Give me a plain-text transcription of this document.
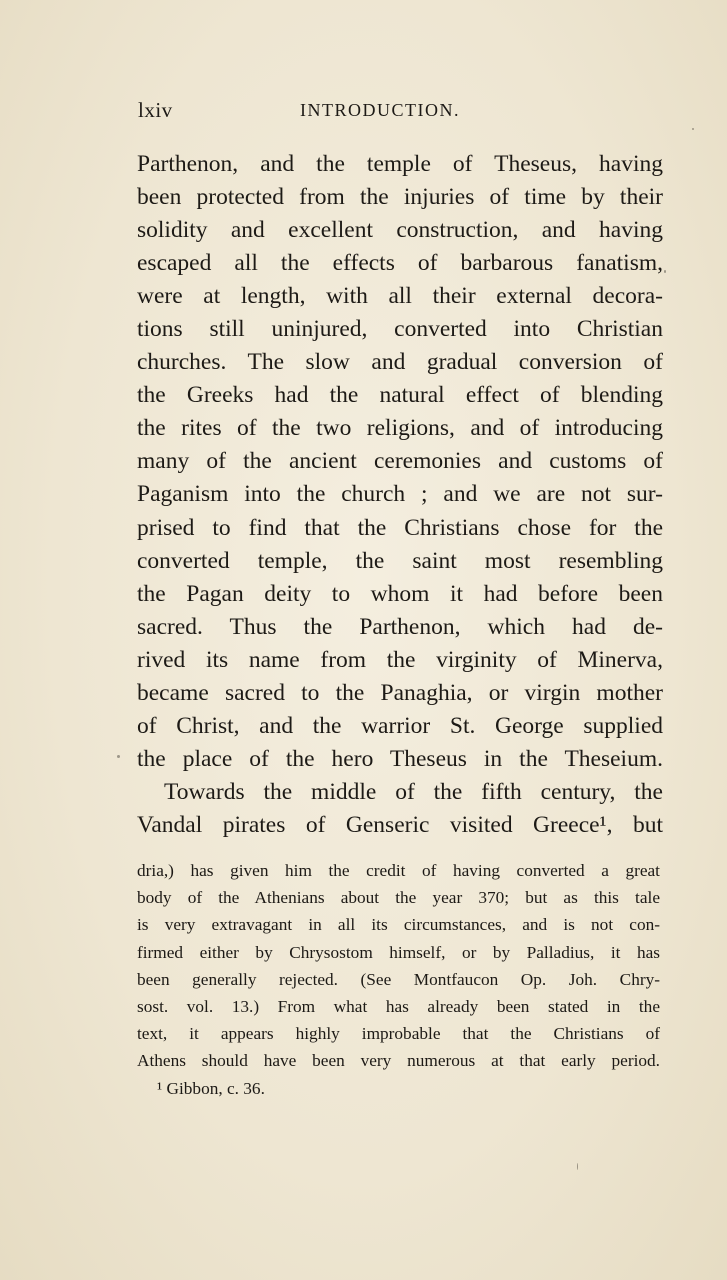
lxiv	INTRODUCTION.
Parthenon, and the temple of Theseus, having
been protected from the injuries of time by their
solidity and excellent construction, and having
escaped all the effects of barbarous fanatism,
were at length, with all their external decora-
tions still uninjured, converted into Christian
churches. The slow and gradual conversion of
the Greeks had the natural effect of blending
the rites of the two religions, and of introducing
many of the ancient ceremonies and customs of
Paganism into the church ; and we are not sur-
prised to find that the Christians chose for the
converted temple, the saint most resembling
the Pagan deity to whom it had before been
sacred. Thus the Parthenon, which had de-
rived its name from the virginity of Minerva,
became sacred to the Panaghia, or virgin mother
of Christ, and the warrior St. George supplied
the place of the hero Theseus in the Theseium.
Towards the middle of the fifth century, the
Vandal pirates of Genseric visited Greece¹, but
dria,) has given him the credit of having converted a great
body of the Athenians about the year 370; but as this tale
is very extravagant in all its circumstances, and is not con-
firmed either by Chrysostom himself, or by Palladius, it has
been generally rejected. (See Montfaucon Op. Joh. Chry-
sost. vol. 13.) From what has already been stated in the
text, it appears highly improbable that the Christians of
Athens should have been very numerous at that early period.
¹ Gibbon, c. 36.
